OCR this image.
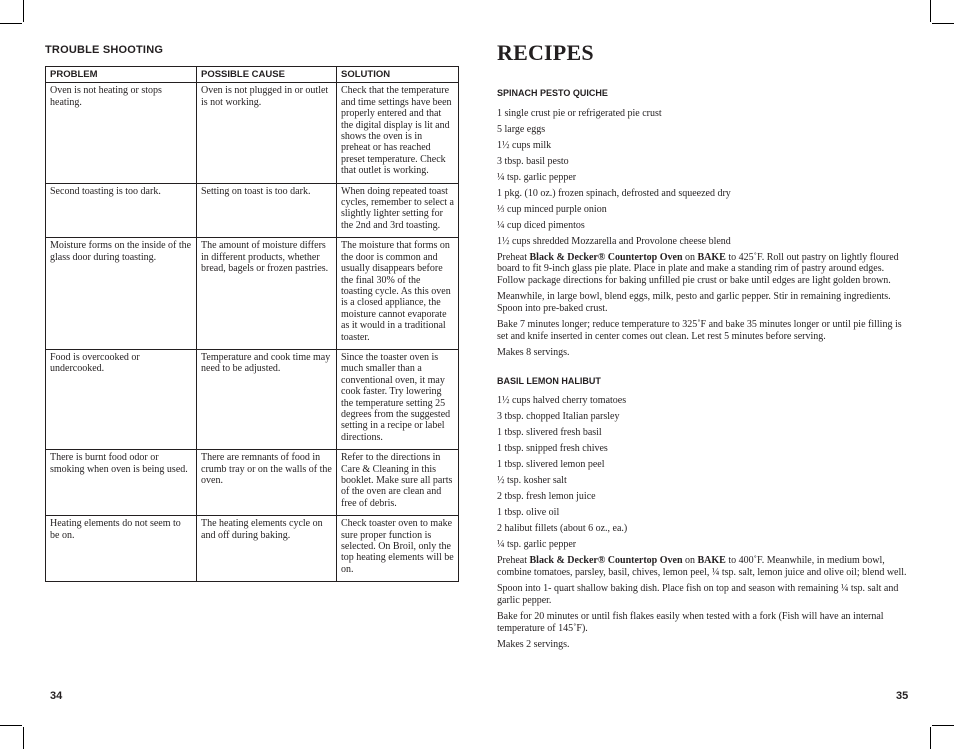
TROUBLE SHOOTING
PROBLEM	POSSIBLE CAUSE	SOLUTION
Oven is not heating or stops heating.	Oven is not plugged in or outlet is not working.	Check that the temperature and time settings have been properly entered and that the digital display is lit and shows the oven is in preheat or has reached preset temperature. Check that outlet is working.
Second toasting is too dark.	Setting on toast is too dark.	When doing repeated toast cycles, remember to select a slightly lighter setting for the 2nd and 3rd toasting.
Moisture forms on the inside of the glass door during toasting.	The amount of moisture differs in different products, whether bread, bagels or frozen pastries.	The moisture that forms on the door is common and usually disappears before the final 30% of the toasting cycle. As this oven is a closed appliance, the moisture cannot evaporate as it would in a traditional toaster.
Food is overcooked or undercooked.	Temperature and cook time may need to be adjusted.	Since the toaster oven is much smaller than a conventional oven, it may cook faster. Try lowering the temperature setting 25 degrees from the suggested setting in a recipe or label directions.
There is burnt food odor or smoking when oven is being used.	There are remnants of food in crumb tray or on the walls of the oven.	Refer to the directions in Care & Cleaning in this booklet. Make sure all parts of the oven are clean and free of debris.
Heating elements do not seem to be on.	The heating elements cycle on and off during baking.	Check toaster oven to make sure proper function is selected. On Broil, only the top heating elements will be on.
34
RECIPES
SPINACH PESTO QUICHE
1 single crust pie or refrigerated pie crust
5 large eggs
1½ cups milk
3 tbsp. basil pesto
¼ tsp. garlic pepper
1 pkg. (10 oz.) frozen spinach, defrosted and squeezed dry
⅓ cup minced purple onion
¼ cup diced pimentos
1½ cups shredded Mozzarella and Provolone cheese blend
Preheat Black & Decker® Countertop Oven on BAKE to 425˚F. Roll out pastry on lightly floured board to fit 9-inch glass pie plate. Place in plate and make a standing rim of pastry around edges. Follow package directions for baking unfilled pie crust or bake until edges are light golden brown.
Meanwhile, in large bowl, blend eggs, milk, pesto and garlic pepper. Stir in remaining ingredients. Spoon into pre-baked crust.
Bake 7 minutes longer; reduce temperature to 325˚F and bake 35 minutes longer or until pie filling is set and knife inserted in center comes out clean. Let rest 5 minutes before serving.
Makes 8 servings.
BASIL LEMON HALIBUT
1½ cups halved cherry tomatoes
3 tbsp. chopped Italian parsley
1 tbsp. slivered fresh basil
1 tbsp. snipped fresh chives
1 tbsp. slivered lemon peel
½ tsp. kosher salt
2 tbsp. fresh lemon juice
1 tbsp. olive oil
2 halibut fillets (about 6 oz., ea.)
¼ tsp. garlic pepper
Preheat Black & Decker® Countertop Oven on BAKE to 400˚F. Meanwhile, in medium bowl, combine tomatoes, parsley, basil, chives, lemon peel, ¼ tsp. salt, lemon juice and olive oil; blend well.
Spoon into 1- quart shallow baking dish. Place fish on top and season with remaining ¼ tsp. salt and garlic pepper.
Bake for 20 minutes or until fish flakes easily when tested with a fork (Fish will have an internal temperature of 145˚F).
Makes 2 servings.
35
